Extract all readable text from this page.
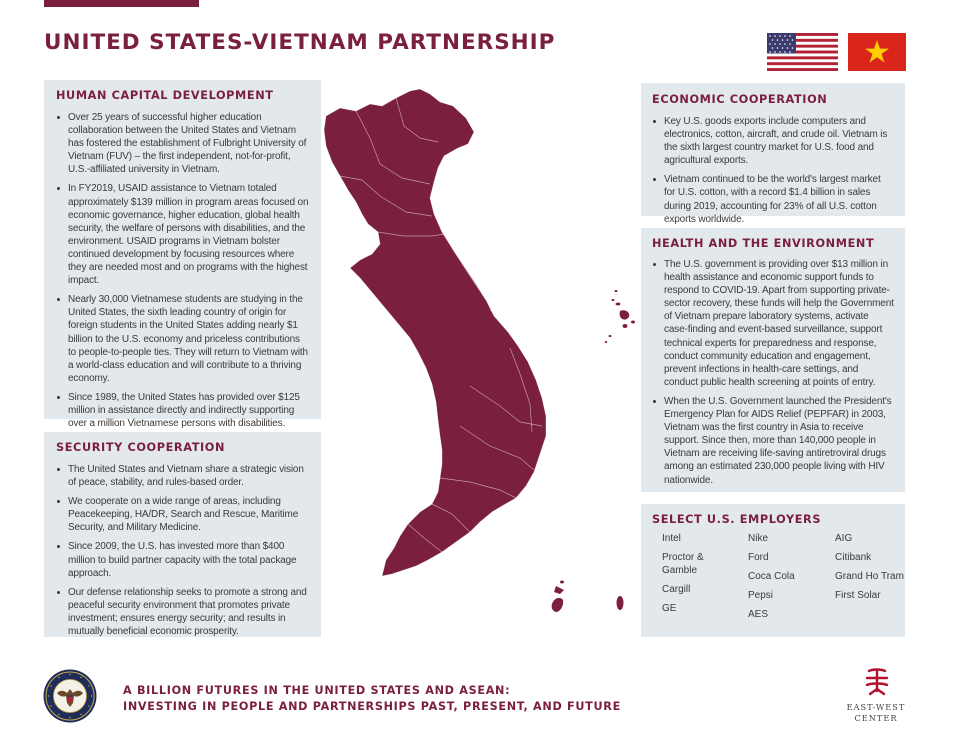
UNITED STATES-VIETNAM PARTNERSHIP
HUMAN CAPITAL DEVELOPMENT
Over 25 years of successful higher education collaboration between the United States and Vietnam has fostered the establishment of Fulbright University of Vietnam (FUV) – the first independent, not-for-profit, U.S.-affiliated university in Vietnam.
In FY2019, USAID assistance to Vietnam totaled approximately $139 million in program areas focused on economic governance, higher education, global health security, the welfare of persons with disabilities, and the environment. USAID programs in Vietnam bolster continued development by focusing resources where they are needed most and on programs with the highest impact.
Nearly 30,000 Vietnamese students are studying in the United States, the sixth leading country of origin for foreign students in the United States adding nearly $1 billion to the U.S. economy and priceless contributions to people-to-people ties. They will return to Vietnam with a world-class education and will contribute to a thriving economy.
Since 1989, the United States has provided over $125 million in assistance directly and indirectly supporting over a million Vietnamese persons with disabilities.
SECURITY COOPERATION
The United States and Vietnam share a strategic vision of peace, stability, and rules-based order.
We cooperate on a wide range of areas, including Peacekeeping, HA/DR, Search and Rescue, Maritime Security, and Military Medicine.
Since 2009, the U.S. has invested more than $400 million to build partner capacity with the total package approach.
Our defense relationship seeks to promote a strong and peaceful security environment that promotes private investment; ensures energy security; and results in mutually beneficial economic prosperity.
ECONOMIC COOPERATION
Key U.S. goods exports include computers and electronics, cotton, aircraft, and crude oil. Vietnam is the sixth largest country market for U.S. food and agricultural exports.
Vietnam continued to be the world's largest market for U.S. cotton, with a record $1.4 billion in sales during 2019, accounting for 23% of all U.S. cotton exports worldwide.
HEALTH AND THE ENVIRONMENT
The U.S. government is providing over $13 million in health assistance and economic support funds to respond to COVID-19. Apart from supporting private-sector recovery, these funds will help the Government of Vietnam prepare laboratory systems, activate case-finding and event-based surveillance, support technical experts for preparedness and response, conduct community education and engagement, prevent infections in health-care settings, and conduct public health screening at points of entry.
When the U.S. Government launched the President's Emergency Plan for AIDS Relief (PEPFAR) in 2003, Vietnam was the first country in Asia to receive support. Since then, more than 140,000 people in Vietnam are receiving life-saving antiretroviral drugs among an estimated 230,000 people living with HIV nationwide.
SELECT U.S. EMPLOYERS
Intel
Proctor & Gamble
Cargill
GE
Nike
Ford
Coca Cola
Pepsi
AES
AIG
Citibank
Grand Ho Tram
First Solar
A BILLION FUTURES IN THE UNITED STATES AND ASEAN:
INVESTING IN PEOPLE AND PARTNERSHIPS PAST, PRESENT, AND FUTURE	EAST-WEST
CENTER
